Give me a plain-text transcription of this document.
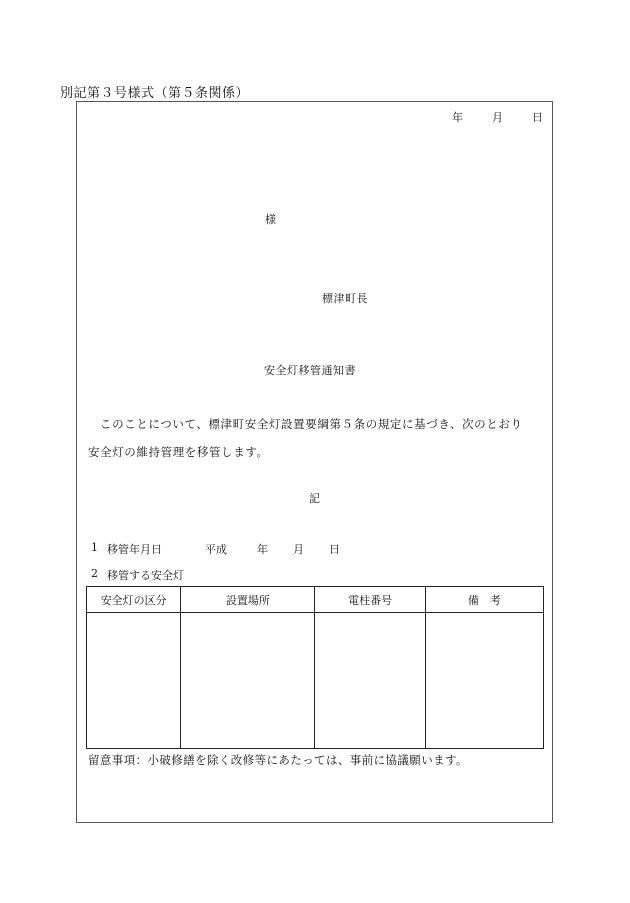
別記第３号様式（第５条関係）
年	月	日
様
標津町長
安全灯移管通知書
このことについて、標津町安全灯設置要綱第５条の規定に基づき、次のとおり
安全灯の維持管理を移管します。
記
1 移管年月日	平成	年	月	日
2 移管する安全灯
安全灯の区分	設置場所	電柱番号	備　考

留意事項：小破修繕を除く改修等にあたっては、事前に協議願います。
